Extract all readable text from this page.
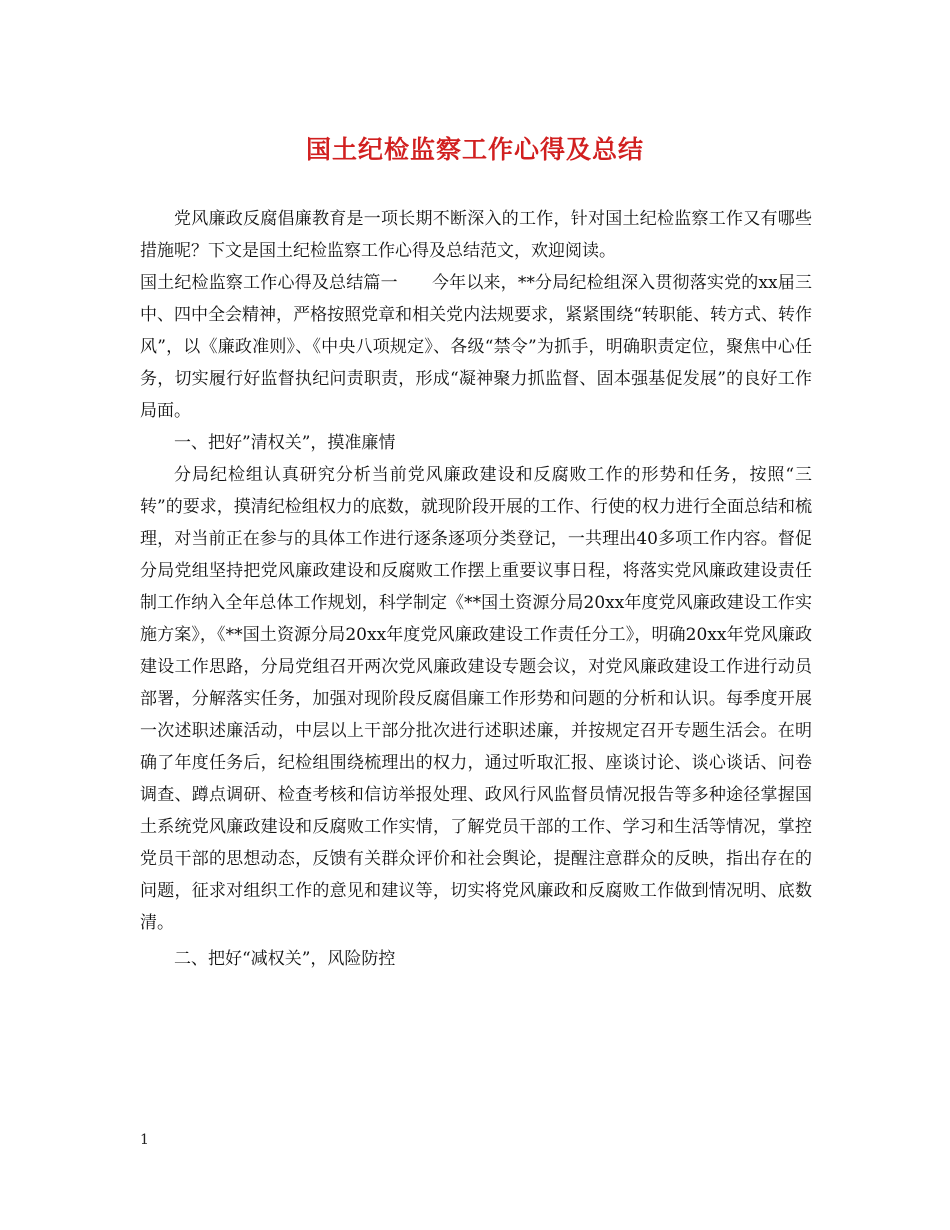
国土纪检监察工作心得及总结

党风廉政反腐倡廉教育是一项长期不断深入的工作，针对国土纪检监察工作又有哪些措施呢？下文是国土纪检监察工作心得及总结范文，欢迎阅读。

国土纪检监察工作心得及总结篇一 今年以来，**分局纪检组深入贯彻落实党的xx届三中、四中全会精神，严格按照党章和相关党内法规要求，紧紧围绕“转职能、转方式、转作风”，以《廉政准则》、《中央八项规定》、各级“禁令”为抓手，明确职责定位，聚焦中心任务，切实履行好监督执纪问责职责，形成“凝神聚力抓监督、固本强基促发展”的良好工作局面。

一、把好”清权关”，摸准廉情

分局纪检组认真研究分析当前党风廉政建设和反腐败工作的形势和任务，按照“三转”的要求，摸清纪检组权力的底数，就现阶段开展的工作、行使的权力进行全面总结和梳理，对当前正在参与的具体工作进行逐条逐项分类登记，一共理出40多项工作内容。督促分局党组坚持把党风廉政建设和反腐败工作摆上重要议事日程，将落实党风廉政建设责任制工作纳入全年总体工作规划，科学制定《**国土资源分局20xx年度党风廉政建设工作实施方案》，《**国土资源分局20xx年度党风廉政建设工作责任分工》，明确20xx年党风廉政建设工作思路，分局党组召开两次党风廉政建设专题会议，对党风廉政建设工作进行动员部署，分解落实任务，加强对现阶段反腐倡廉工作形势和问题的分析和认识。每季度开展一次述职述廉活动，中层以上干部分批次进行述职述廉，并按规定召开专题生活会。在明确了年度任务后，纪检组围绕梳理出的权力，通过听取汇报、座谈讨论、谈心谈话、问卷调查、蹲点调研、检查考核和信访举报处理、政风行风监督员情况报告等多种途径掌握国土系统党风廉政建设和反腐败工作实情，了解党员干部的工作、学习和生活等情况，掌控党员干部的思想动态，反馈有关群众评价和社会舆论，提醒注意群众的反映，指出存在的问题，征求对组织工作的意见和建议等，切实将党风廉政和反腐败工作做到情况明、底数清。

二、把好“减权关”，风险防控

1
